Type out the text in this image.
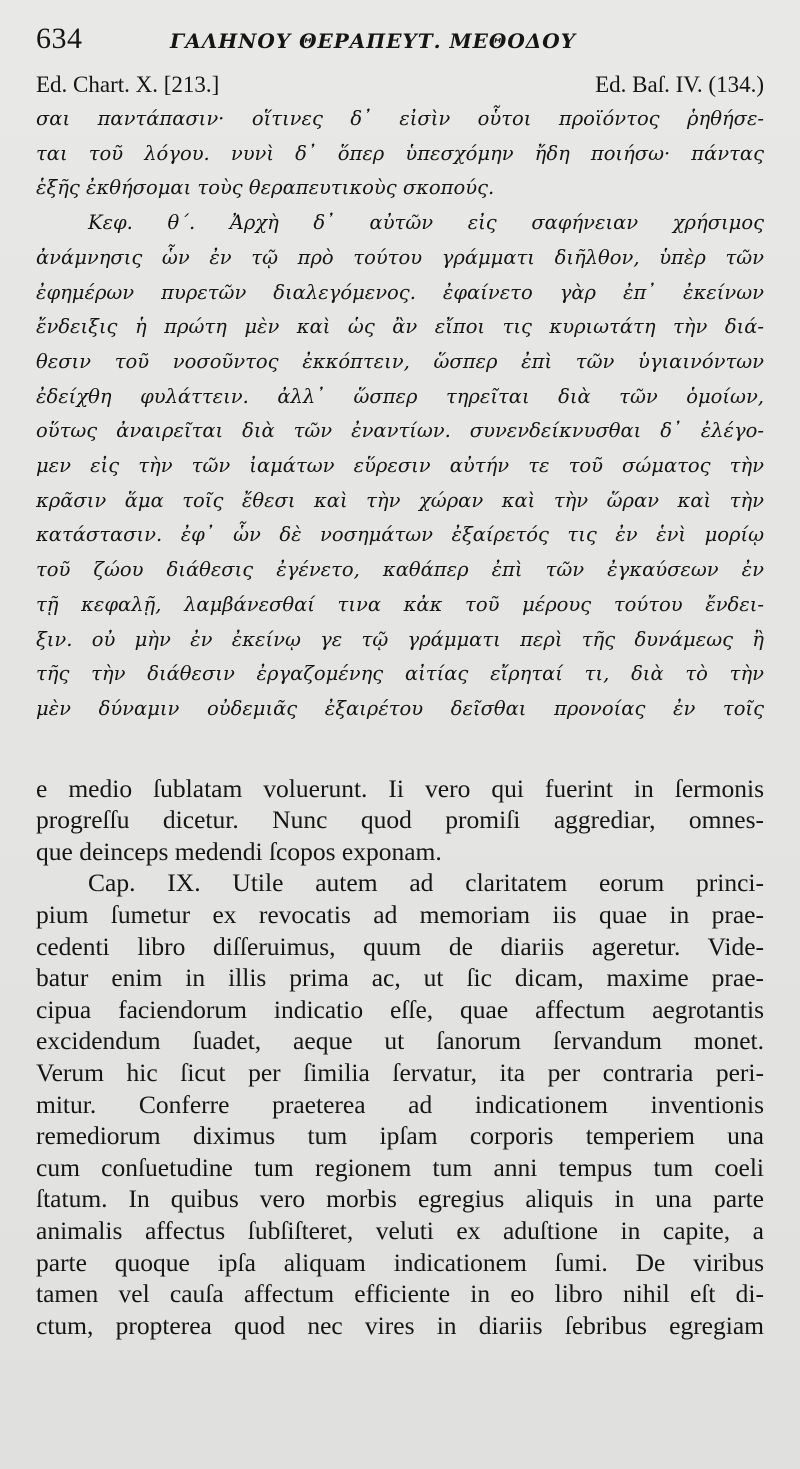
634	ΓΑΛΗΝΟΥ ΘΕΡΑΠΕΥΤ. ΜΕΘΟΔΟΥ
Ed. Chart. X. [213.]	Ed. Baſ. IV. (134.)
σαι παντάπασιν· οἵτινες δ᾽ εἰσὶν οὗτοι προϊόντος ῥηθήσε-
ται τοῦ λόγου. νυνὶ δ᾽ ὅπερ ὑπεσχόμην ἤδη ποιήσω· πάντας
ἑξῆς ἐκθήσομαι τοὺς θεραπευτικοὺς σκοπούς.
Κεφ. θ΄. Ἀρχὴ δ᾽ αὐτῶν εἰς σαφήνειαν χρήσιμος
ἀνάμνησις ὧν ἐν τῷ πρὸ τούτου γράμματι διῆλθον, ὑπὲρ τῶν
ἐφημέρων πυρετῶν διαλεγόμενος. ἐφαίνετο γὰρ ἐπ᾽ ἐκείνων
ἔνδειξις ἡ πρώτη μὲν καὶ ὡς ἂν εἴποι τις κυριωτάτη τὴν διά-
θεσιν τοῦ νοσοῦντος ἐκκόπτειν, ὥσπερ ἐπὶ τῶν ὑγιαινόντων
ἐδείχθη φυλάττειν. ἀλλ᾽ ὥσπερ τηρεῖται διὰ τῶν ὁμοίων,
οὕτως ἀναιρεῖται διὰ τῶν ἐναντίων. συνενδείκνυσθαι δ᾽ ἐλέγο-
μεν εἰς τὴν τῶν ἰαμάτων εὕρεσιν αὐτήν τε τοῦ σώματος τὴν
κρᾶσιν ἅμα τοῖς ἔθεσι καὶ τὴν χώραν καὶ τὴν ὥραν καὶ τὴν
κατάστασιν. ἐφ᾽ ὧν δὲ νοσημάτων ἐξαίρετός τις ἐν ἑνὶ μορίῳ
τοῦ ζώου διάθεσις ἐγένετο, καθάπερ ἐπὶ τῶν ἐγκαύσεων ἐν
τῇ κεφαλῇ, λαμβάνεσθαί τινα κἀκ τοῦ μέρους τούτου ἔνδει-
ξιν. οὐ μὴν ἐν ἐκείνῳ γε τῷ γράμματι περὶ τῆς δυνάμεως ἢ
τῆς τὴν διάθεσιν ἐργαζομένης αἰτίας εἴρηταί τι, διὰ τὸ τὴν
μὲν δύναμιν οὐδεμιᾶς ἐξαιρέτου δεῖσθαι προνοίας ἐν τοῖς
e medio ſublatam voluerunt. Ii vero qui fuerint in ſermonis
progreſſu dicetur. Nunc quod promiſi aggrediar, omnes-
que deinceps medendi ſcopos exponam.
Cap. IX. Utile autem ad claritatem eorum princi-
pium ſumetur ex revocatis ad memoriam iis quae in prae-
cedenti libro diſſeruimus, quum de diariis ageretur. Vide-
batur enim in illis prima ac, ut ſic dicam, maxime prae-
cipua faciendorum indicatio eſſe, quae affectum aegrotantis
excidendum ſuadet, aeque ut ſanorum ſervandum monet.
Verum hic ſicut per ſimilia ſervatur, ita per contraria peri-
mitur. Conferre praeterea ad indicationem inventionis
remediorum diximus tum ipſam corporis temperiem una
cum conſuetudine tum regionem tum anni tempus tum coeli
ſtatum. In quibus vero morbis egregius aliquis in una parte
animalis affectus ſubſiſteret, veluti ex aduſtione in capite, a
parte quoque ipſa aliquam indicationem ſumi. De viribus
tamen vel cauſa affectum efficiente in eo libro nihil eſt di-
ctum, propterea quod nec vires in diariis ſebribus egregiam
